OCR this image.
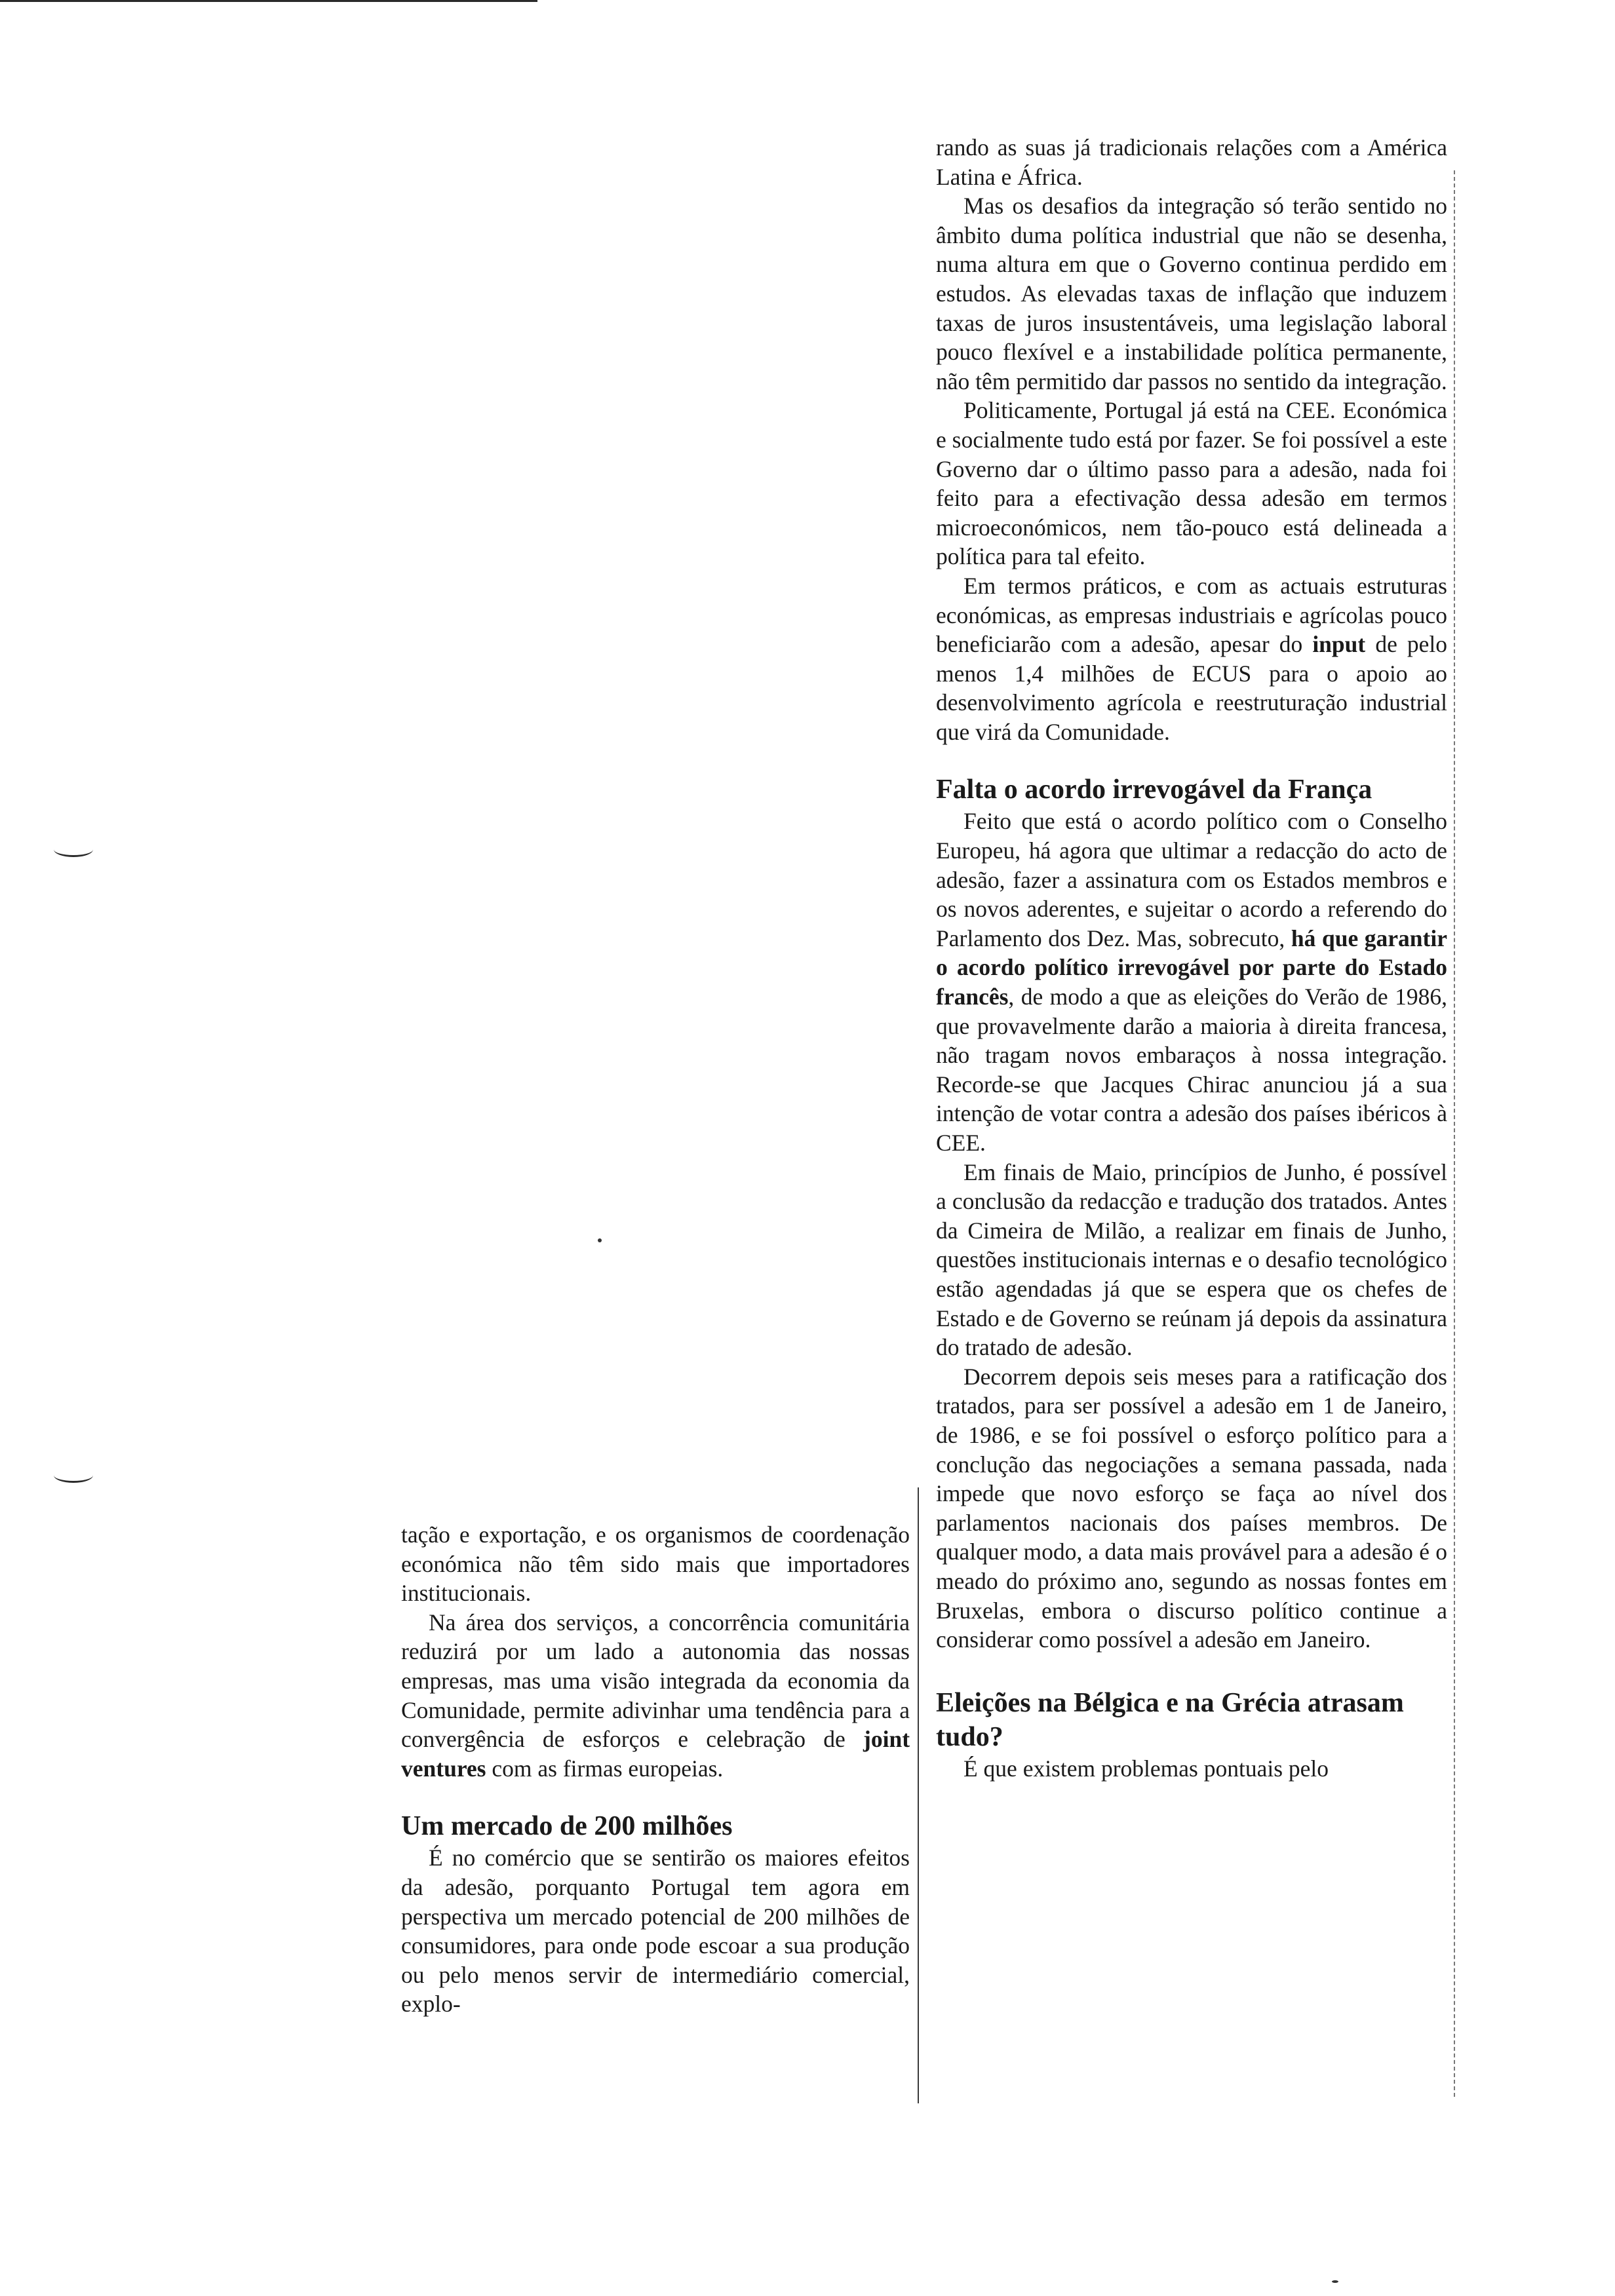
tação e exportação, e os organismos de coordenação económica não têm sido mais que importadores institucionais.

Na área dos serviços, a concorrência comunitária reduzirá por um lado a autonomia das nossas empresas, mas uma visão integrada da economia da Comunidade, permite adivinhar uma tendência para a convergência de esforços e celebração de joint ventures com as firmas europeias.

Um mercado de 200 milhões

É no comércio que se sentirão os maiores efeitos da adesão, porquanto Portugal tem agora em perspectiva um mercado potencial de 200 milhões de consumidores, para onde pode escoar a sua produção ou pelo menos servir de intermediário comercial, explo-

rando as suas já tradicionais relações com a América Latina e África.

Mas os desafios da integração só terão sentido no âmbito duma política industrial que não se desenha, numa altura em que o Governo continua perdido em estudos. As elevadas taxas de inflação que induzem taxas de juros insustentáveis, uma legislação laboral pouco flexível e a instabilidade política permanente, não têm permitido dar passos no sentido da integração.

Politicamente, Portugal já está na CEE. Económica e socialmente tudo está por fazer. Se foi possível a este Governo dar o último passo para a adesão, nada foi feito para a efectivação dessa adesão em termos microeconómicos, nem tão-pouco está delineada a política para tal efeito.

Em termos práticos, e com as actuais estruturas económicas, as empresas industriais e agrícolas pouco beneficiarão com a adesão, apesar do input de pelo menos 1,4 milhões de ECUS para o apoio ao desenvolvimento agrícola e reestruturação industrial que virá da Comunidade.

Falta o acordo irrevogável da França

Feito que está o acordo político com o Conselho Europeu, há agora que ultimar a redacção do acto de adesão, fazer a assinatura com os Estados membros e os novos aderentes, e sujeitar o acordo a referendo do Parlamento dos Dez. Mas, sobrecuto, há que garantir o acordo político irrevogável por parte do Estado francês, de modo a que as eleições do Verão de 1986, que provavelmente darão a maioria à direita francesa, não tragam novos embaraços à nossa integração. Recorde-se que Jacques Chirac anunciou já a sua intenção de votar contra a adesão dos países ibéricos à CEE.

Em finais de Maio, princípios de Junho, é possível a conclusão da redacção e tradução dos tratados. Antes da Cimeira de Milão, a realizar em finais de Junho, questões institucionais internas e o desafio tecnológico estão agendadas já que se espera que os chefes de Estado e de Governo se reúnam já depois da assinatura do tratado de adesão.

Decorrem depois seis meses para a ratificação dos tratados, para ser possível a adesão em 1 de Janeiro, de 1986, e se foi possível o esforço político para a conclução das negociações a semana passada, nada impede que novo esforço se faça ao nível dos parlamentos nacionais dos países membros. De qualquer modo, a data mais provável para a adesão é o meado do próximo ano, segundo as nossas fontes em Bruxelas, embora o discurso político continue a considerar como possível a adesão em Janeiro.

Eleições na Bélgica e na Grécia atrasam tudo?

É que existem problemas pontuais pelo
